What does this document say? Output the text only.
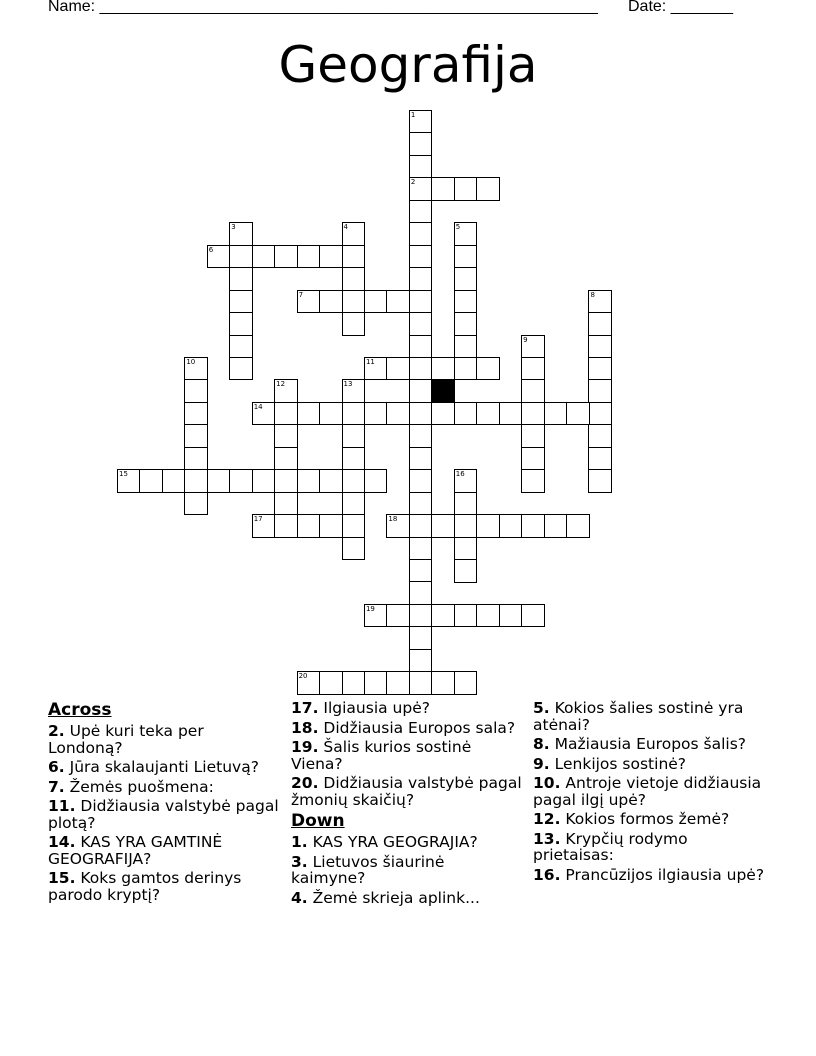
Name: ________________________________________________________ Date: _______
Geografija
1
2
3	4	5
6
7	8
9
10	11
12	13
14
15	16
17	18
19
20
Across
2. Upė kuri teka per Londoną?
6. Jūra skalaujanti Lietuvą?
7. Žemės puošmena:
11. Didžiausia valstybė pagal plotą?
14. KAS YRA GAMTINĖ GEOGRAFIJA?
15. Koks gamtos derinys parodo kryptį?
17. Ilgiausia upė?
18. Didžiausia Europos sala?
19. Šalis kurios sostinė Viena?
20. Didžiausia valstybė pagal žmonių skaičių?
Down
1. KAS YRA GEOGRAJIA?
3. Lietuvos šiaurinė kaimyne?
4. Žemė skrieja aplink...
5. Kokios šalies sostinė yra atėnai?
8. Mažiausia Europos šalis?
9. Lenkijos sostinė?
10. Antroje vietoje didžiausia pagal ilgį upė?
12. Kokios formos žemė?
13. Krypčių rodymo prietaisas:
16. Prancūzijos ilgiausia upė?
